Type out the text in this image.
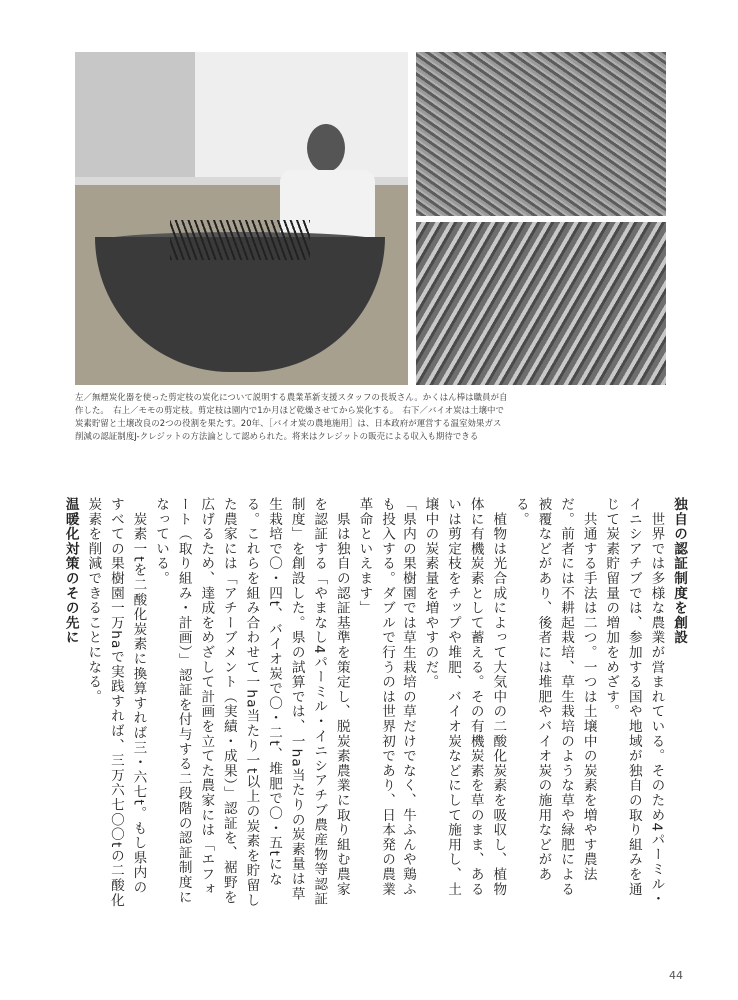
左／無煙炭化器を使った剪定枝の炭化について説明する農業革新支援スタッフの長坂さん。かくはん棒は職員が自

作した。　右上／モモの剪定枝。剪定枝は園内で1か月ほど乾燥させてから炭化する。　右下／バイオ炭は土壌中で

炭素貯留と土壌改良の2つの役割を果たす。20年、［バイオ炭の農地施用］は、日本政府が運営する温室効果ガス

削減の認証制度J-クレジットの方法論として認められた。将来はクレジットの販売による収入も期待できる

独自の認証制度を創設

　世界では多様な農業が営まれている。そのため4パーミル・イニシアチブでは、参加する国や地域が独自の取り組みを通じて炭素貯留量の増加をめざす。

　共通する手法は二つ。一つは土壌中の炭素を増やす農法だ。前者には不耕起栽培、草生栽培のような草や緑肥による被覆などがあり、後者には堆肥やバイオ炭の施用などがある。

　植物は光合成によって大気中の二酸化炭素を吸収し、植物体に有機炭素として蓄える。その有機炭素を草のまま、あるいは剪定枝をチップや堆肥、バイオ炭などにして施用し、土壌中の炭素量を増やすのだ。

「県内の果樹園では草生栽培の草だけでなく、牛ふんや鶏ふ

も投入する。ダブルで行うのは世界初であり、日本発の農業革命といえます」

　県は独自の認証基準を策定し、脱炭素農業に取り組む農家を認証する「やまなし4パーミル・イニシアチブ農産物等認証制度」を創設した。県の試算では、一ha当たりの炭素量は草生栽培で〇・四t、バイオ炭で〇・二t、堆肥で〇・五tになる。これらを組み合わせて一ha当たり一t以上の炭素を貯留した農家には「アチーブメント（実績・成果）」認証を、裾野を広げるため、達成をめざして計画を立てた農家には「エフォート（取り組み・計画）」認証を付与する二段階の認証制度になっている。

　炭素一tを二酸化炭素に換算すれば三・六七t。もし県内のすべての果樹園一万haで実践すれば、三万六七〇〇tの二酸化炭素を削減できることになる。

温暖化対策のその先に

44
